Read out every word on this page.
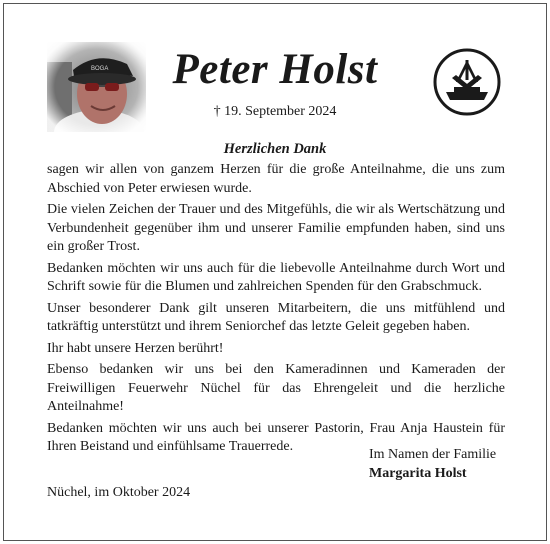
Peter Holst
† 19. September 2024
Herzlichen Dank

sagen wir allen von ganzem Herzen für die große Anteilnahme, die uns zum Abschied von Peter erwiesen wurde.

Die vielen Zeichen der Trauer und des Mitgefühls, die wir als Wertschätzung und Verbundenheit gegenüber ihm und unserer Familie empfunden haben, sind uns ein großer Trost.

Bedanken möchten wir uns auch für die liebevolle Anteilnahme durch Wort und Schrift sowie für die Blumen und zahlreichen Spenden für den Grabschmuck.

Unser besonderer Dank gilt unseren Mitarbeitern, die uns mitfühlend und tatkräftig unterstützt und ihrem Seniorchef das letzte Geleit gegeben haben.

Ihr habt unsere Herzen berührt!

Ebenso bedanken wir uns bei den Kameradinnen und Kameraden der Freiwilligen Feuerwehr Nüchel für das Ehrengeleit und die herzliche Anteilnahme!

Bedanken möchten wir uns auch bei unserer Pastorin, Frau Anja Haustein für Ihren Beistand und einfühlsame Trauerrede.

Im Namen der Familie
Margarita Holst
Nüchel, im Oktober 2024
